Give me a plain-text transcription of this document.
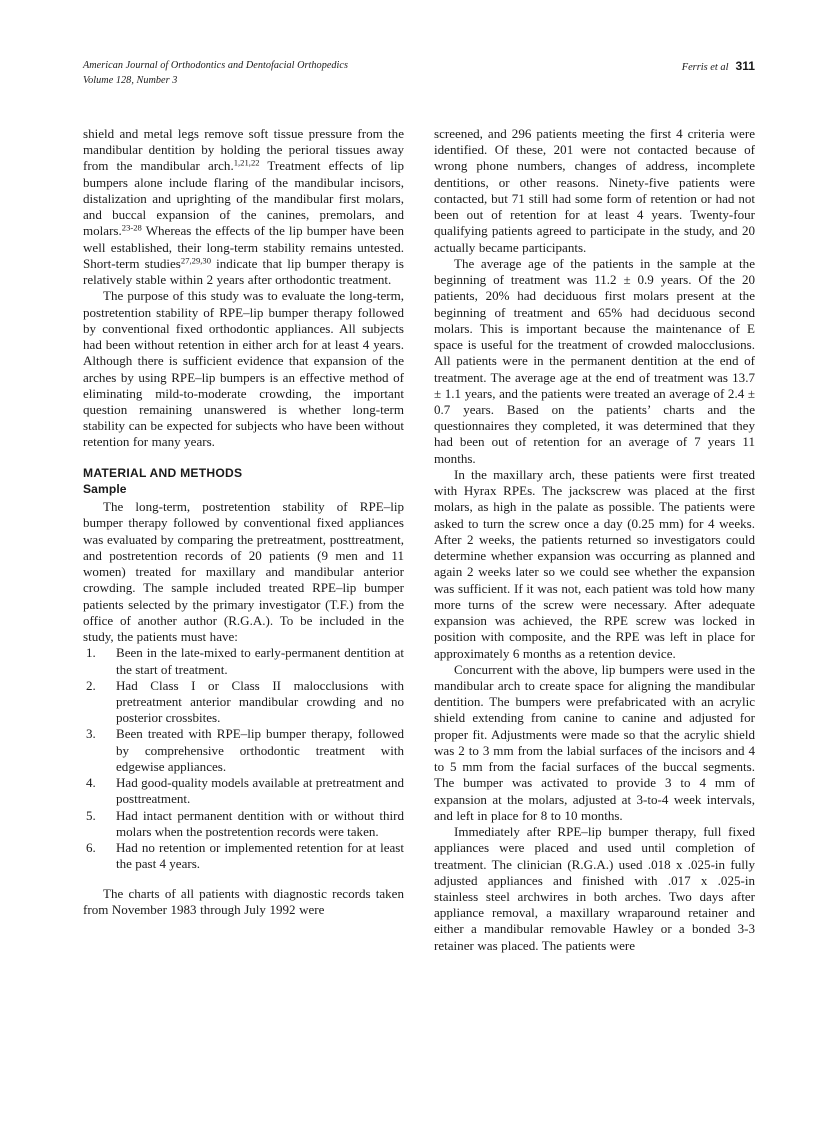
American Journal of Orthodontics and Dentofacial Orthopedics
Volume 128, Number 3
Ferris et al 311

shield and metal legs remove soft tissue pressure from the mandibular dentition by holding the perioral tissues away from the mandibular arch.$^{1,21,22}$ Treatment effects of lip bumpers alone include flaring of the mandibular incisors, distalization and uprighting of the mandibular first molars, and buccal expansion of the canines, premolars, and molars.$^{23-28}$ Whereas the effects of the lip bumper have been well established, their long-term stability remains untested. Short-term studies$^{27,29,30}$ indicate that lip bumper therapy is relatively stable within 2 years after orthodontic treatment.

The purpose of this study was to evaluate the long-term, postretention stability of RPE–lip bumper therapy followed by conventional fixed orthodontic appliances. All subjects had been without retention in either arch for at least 4 years. Although there is sufficient evidence that expansion of the arches by using RPE–lip bumpers is an effective method of eliminating mild-to-moderate crowding, the important question remaining unanswered is whether long-term stability can be expected for subjects who have been without retention for many years.

MATERIAL AND METHODS
Sample

The long-term, postretention stability of RPE–lip bumper therapy followed by conventional fixed appliances was evaluated by comparing the pretreatment, posttreatment, and postretention records of 20 patients (9 men and 11 women) treated for maxillary and mandibular anterior crowding. The sample included treated RPE–lip bumper patients selected by the primary investigator (T.F.) from the office of another author (R.G.A.). To be included in the study, the patients must have:

Been in the late-mixed to early-permanent dentition at the start of treatment.
Had Class I or Class II malocclusions with pretreatment anterior mandibular crowding and no posterior crossbites.
Been treated with RPE–lip bumper therapy, followed by comprehensive orthodontic treatment with edgewise appliances.
Had good-quality models available at pretreatment and posttreatment.
Had intact permanent dentition with or without third molars when the postretention records were taken.
Had no retention or implemented retention for at least the past 4 years.

The charts of all patients with diagnostic records taken from November 1983 through July 1992 were

screened, and 296 patients meeting the first 4 criteria were identified. Of these, 201 were not contacted because of wrong phone numbers, changes of address, incomplete dentitions, or other reasons. Ninety-five patients were contacted, but 71 still had some form of retention or had not been out of retention for at least 4 years. Twenty-four qualifying patients agreed to participate in the study, and 20 actually became participants.

The average age of the patients in the sample at the beginning of treatment was 11.2 ± 0.9 years. Of the 20 patients, 20% had deciduous first molars present at the beginning of treatment and 65% had deciduous second molars. This is important because the maintenance of E space is useful for the treatment of crowded malocclusions. All patients were in the permanent dentition at the end of treatment. The average age at the end of treatment was 13.7 ± 1.1 years, and the patients were treated an average of 2.4 ± 0.7 years. Based on the patients’ charts and the questionnaires they completed, it was determined that they had been out of retention for an average of 7 years 11 months.

In the maxillary arch, these patients were first treated with Hyrax RPEs. The jackscrew was placed at the first molars, as high in the palate as possible. The patients were asked to turn the screw once a day (0.25 mm) for 4 weeks. After 2 weeks, the patients returned so investigators could determine whether expansion was occurring as planned and again 2 weeks later so we could see whether the expansion was sufficient. If it was not, each patient was told how many more turns of the screw were necessary. After adequate expansion was achieved, the RPE screw was locked in position with composite, and the RPE was left in place for approximately 6 months as a retention device.

Concurrent with the above, lip bumpers were used in the mandibular arch to create space for aligning the mandibular dentition. The bumpers were prefabricated with an acrylic shield extending from canine to canine and adjusted for proper fit. Adjustments were made so that the acrylic shield was 2 to 3 mm from the labial surfaces of the incisors and 4 to 5 mm from the facial surfaces of the buccal segments. The bumper was activated to provide 3 to 4 mm of expansion at the molars, adjusted at 3-to-4 week intervals, and left in place for 8 to 10 months.

Immediately after RPE–lip bumper therapy, full fixed appliances were placed and used until completion of treatment. The clinician (R.G.A.) used .018 x .025-in fully adjusted appliances and finished with .017 x .025-in stainless steel archwires in both arches. Two days after appliance removal, a maxillary wraparound retainer and either a mandibular removable Hawley or a bonded 3-3 retainer was placed. The patients were
